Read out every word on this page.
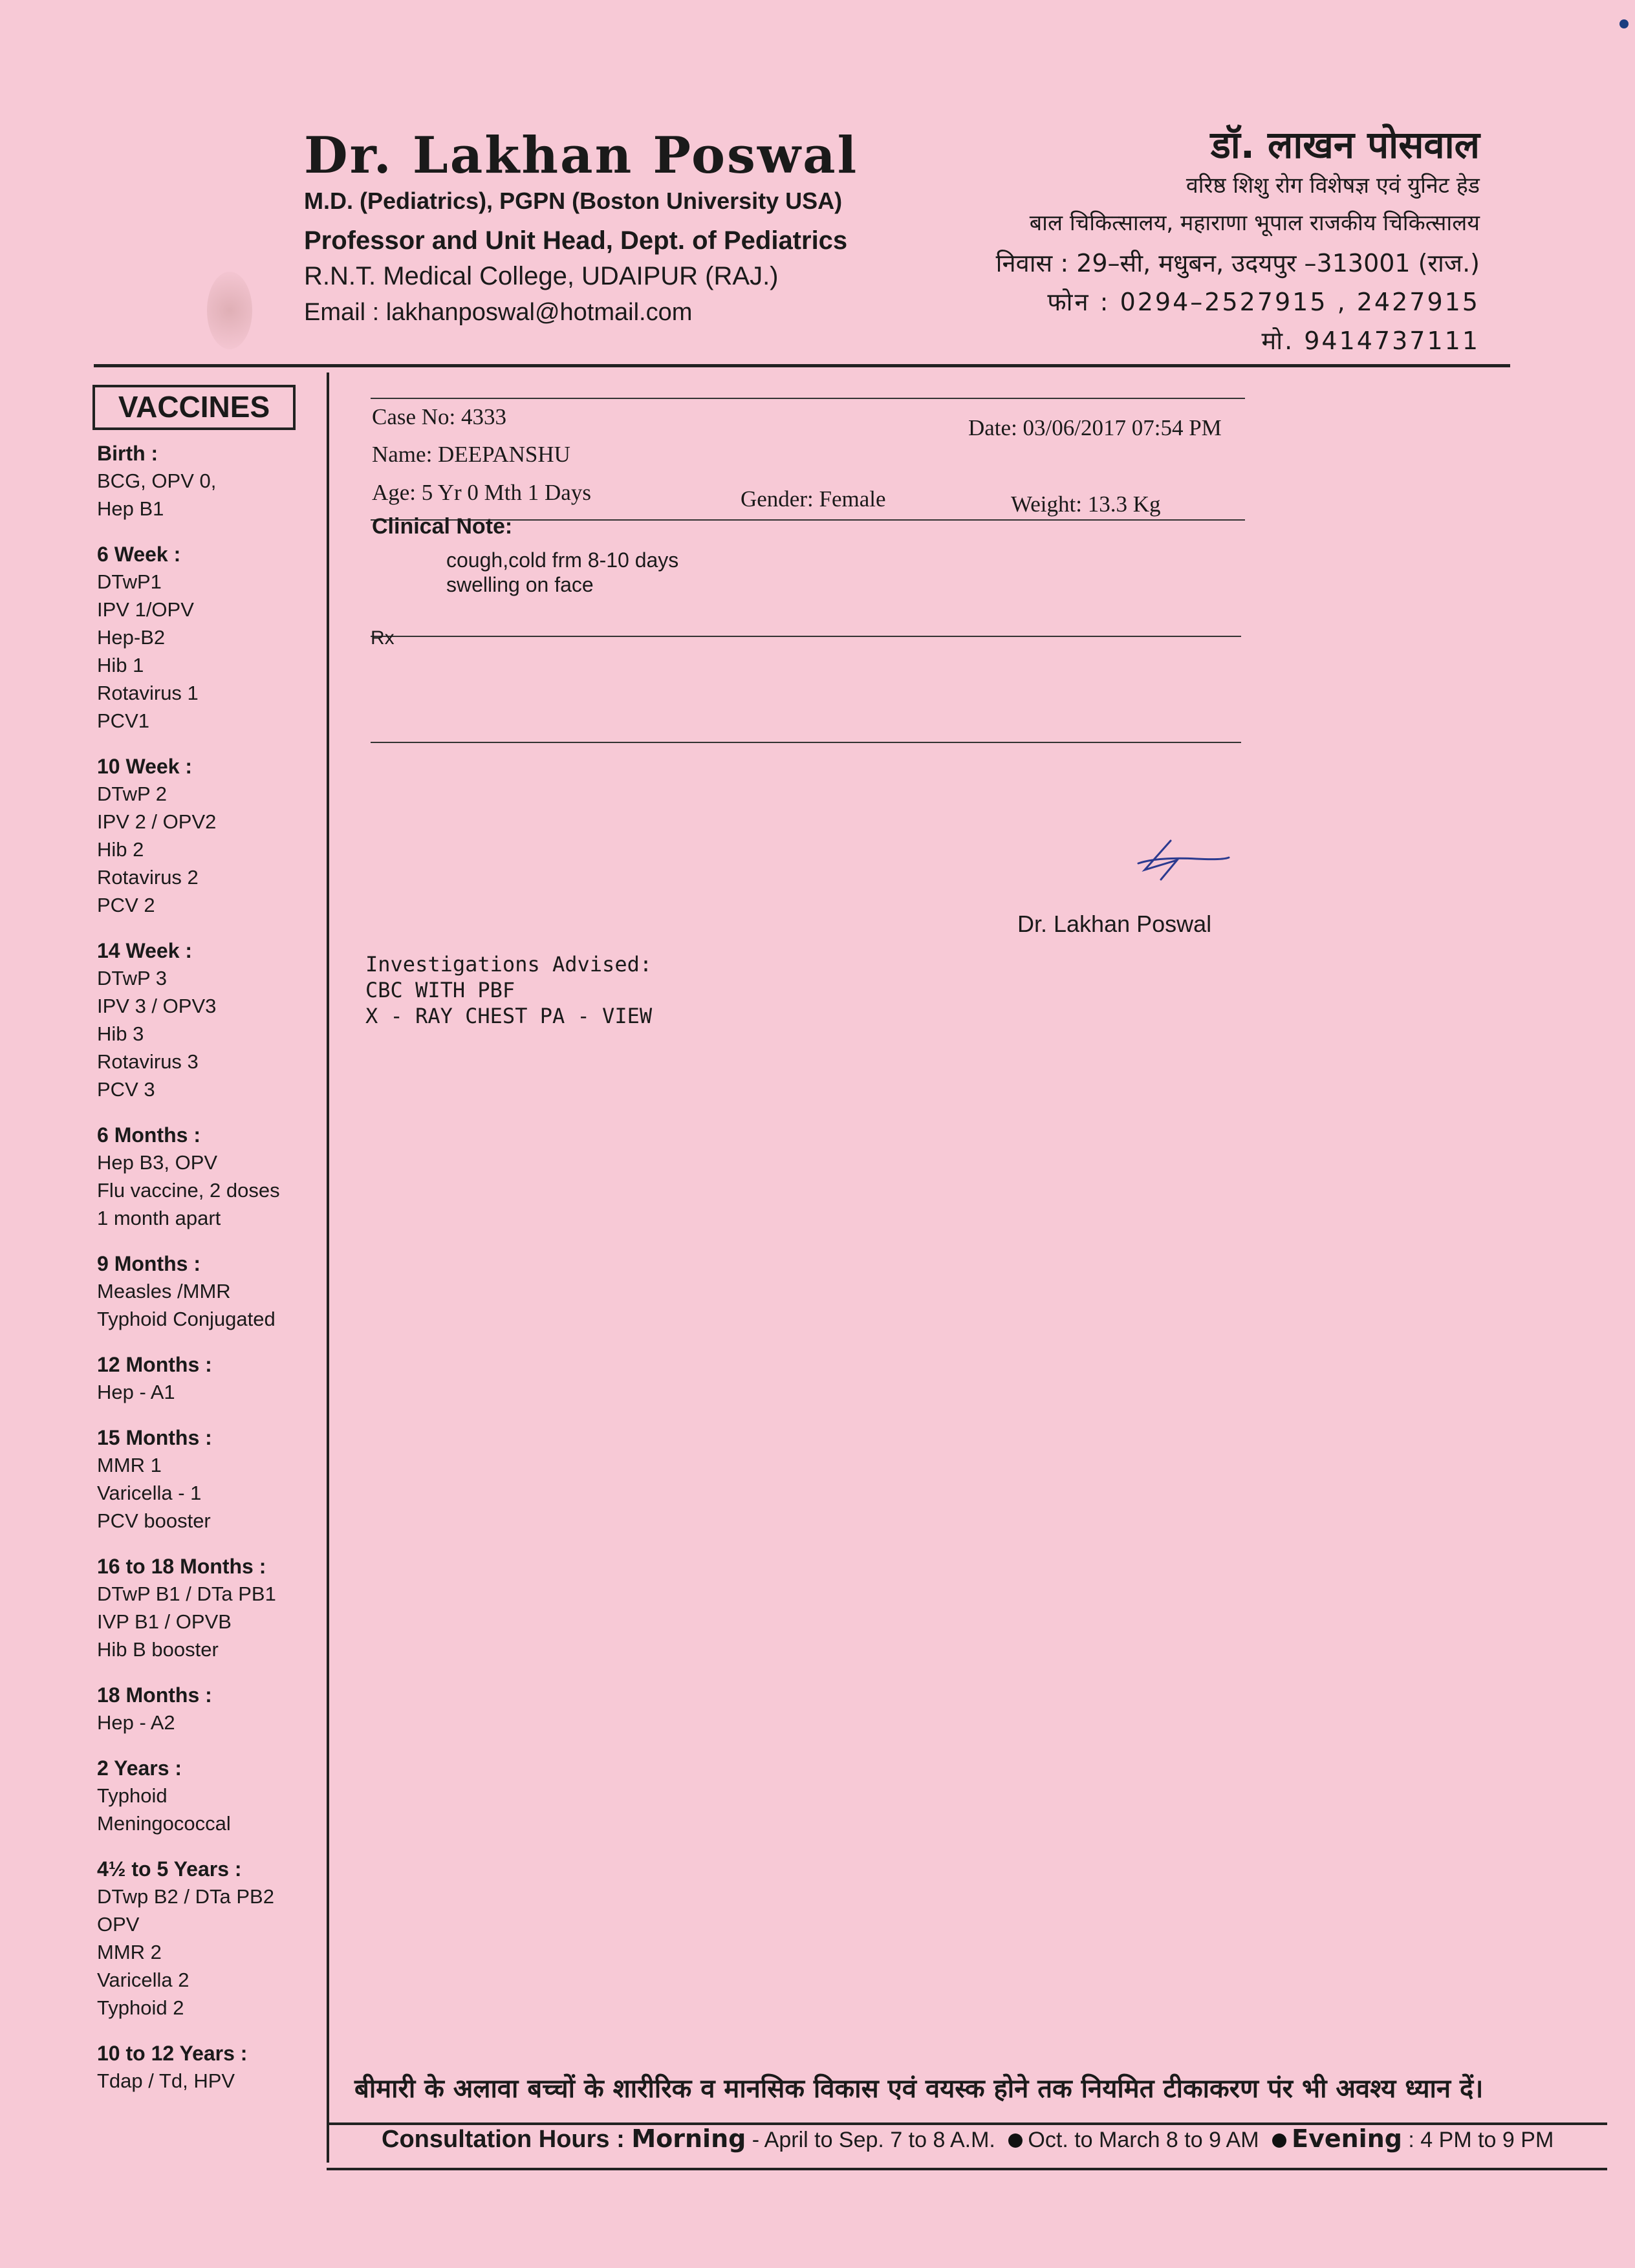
Dr. Lakhan Poswal
M.D. (Pediatrics), PGPN (Boston University USA)
Professor and Unit Head, Dept. of Pediatrics
R.N.T. Medical College, UDAIPUR (RAJ.)
Email : lakhanposwal@hotmail.com
डॉ. लाखन पोसवाल
वरिष्ठ शिशु रोग विशेषज्ञ एवं युनिट हेड
बाल चिकित्सालय, महाराणा भूपाल राजकीय चिकित्सालय
निवास : 29–सी, मधुबन, उदयपुर –313001 (राज.)
फोन : 0294–2527915 , 2427915
मो. 9414737111
VACCINES
Birth :
BCG, OPV 0,
Hep B1
6 Week :
DTwP1
IPV 1/OPV
Hep-B2
Hib 1
Rotavirus 1
PCV1
10 Week :
DTwP 2
IPV 2 / OPV2
Hib 2
Rotavirus 2
PCV 2
14 Week :
DTwP 3
IPV 3 / OPV3
Hib 3
Rotavirus 3
PCV 3
6 Months :
Hep B3, OPV
Flu vaccine, 2 doses
1 month apart
9 Months :
Measles /MMR
Typhoid Conjugated
12 Months :
Hep - A1
15 Months :
MMR 1
Varicella - 1
PCV booster
16 to 18 Months :
DTwP B1 / DTa PB1
IVP B1 / OPVB
Hib B booster
18 Months :
Hep - A2
2 Years :
Typhoid
Meningococcal
4½ to 5 Years :
DTwp B2 / DTa PB2
OPV
MMR 2
Varicella 2
Typhoid 2
10 to 12 Years :
Tdap / Td, HPV
Case No: 4333	Date: 03/06/2017 07:54 PM
Name: DEEPANSHU
Age: 5 Yr 0 Mth 1 Days	Gender: Female	Weight: 13.3 Kg
Clinical Note:
cough,cold frm 8-10 days
swelling on face
Rx
Dr. Lakhan Poswal
Investigations Advised:
CBC WITH PBF
X - RAY CHEST PA - VIEW
बीमारी के अलावा बच्चों के शारीरिक व मानसिक विकास एवं वयस्क होने तक नियमित टीकाकरण पंर भी अवश्य ध्यान दें।
Consultation Hours : Morning - April to Sep. 7 to 8 A.M. Oct. to March 8 to 9 AM Evening : 4 PM to 9 PM
